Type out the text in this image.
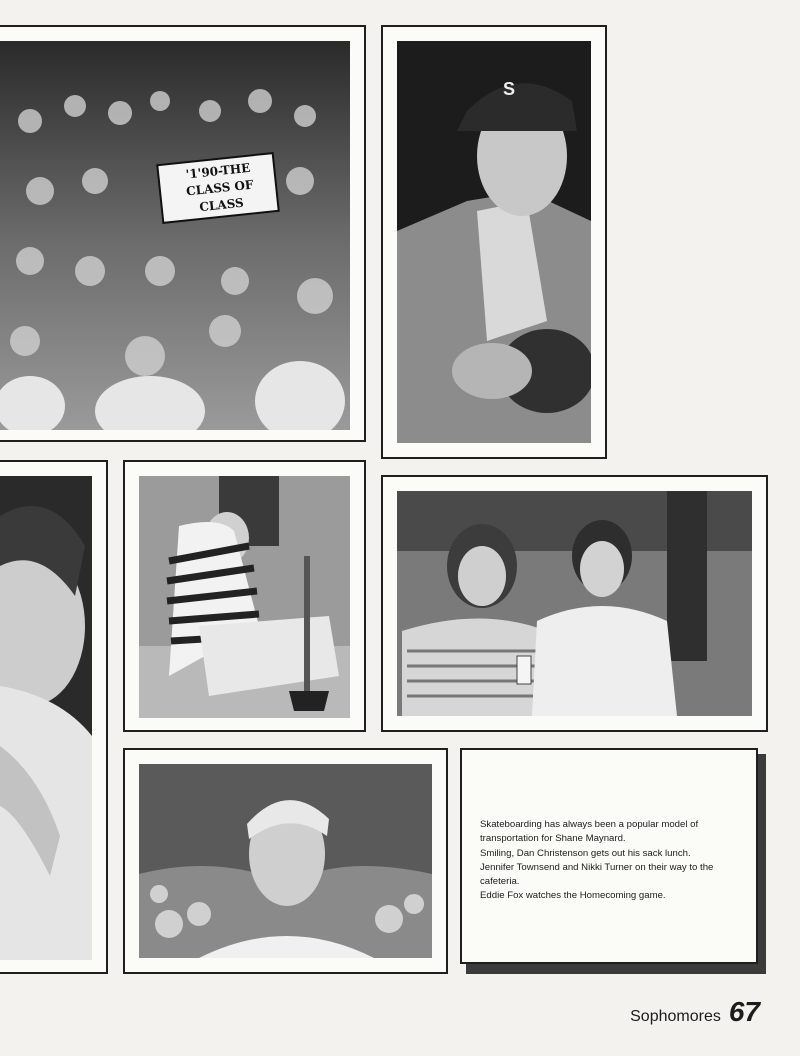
'1'90-THE
CLASS OF CLASS
S

Skateboarding has always been a popular model of transportation for Shane Maynard.

Smiling, Dan Christenson gets out his sack lunch.

Jennifer Townsend and Nikki Turner on their way to the cafeteria.

Eddie Fox watches the Homecoming game.

Sophomores 67
